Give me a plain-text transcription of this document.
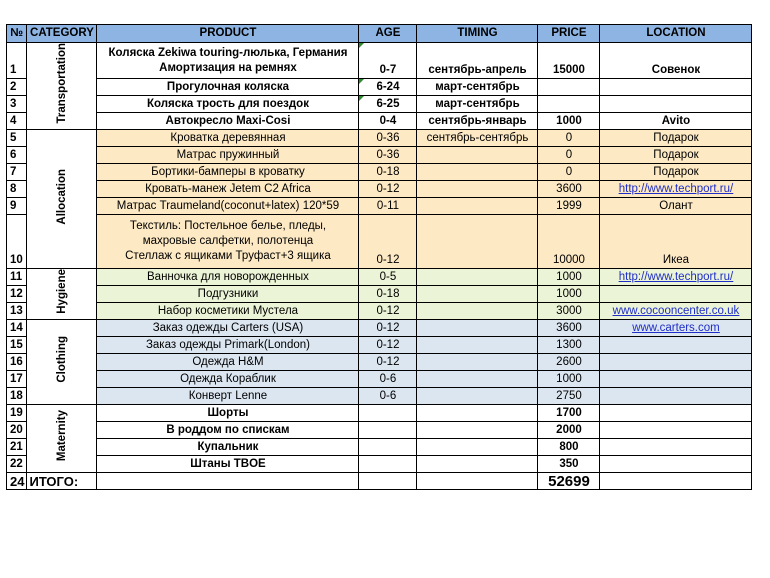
№	CATEGORY	PRODUCT	AGE	TIMING	PRICE	LOCATION
1	Transportation	Коляска Zekiwa touring-люлька, Германия
Амортизация на ремнях	0-7	сентябрь-апрель	15000	Совенок
2		Прогулочная коляска	6-24	март-сентябрь		
3		Коляска трость для поездок	6-25	март-сентябрь		
4		Автокресло Maxi-Cosi	0-4	сентябрь-январь	1000	Avito
5	Allocation	Кроватка деревянная	0-36	сентябрь-сентябрь	0	Подарок
6		Матрас пружинный	0-36		0	Подарок
7		Бортики-бамперы в кроватку	0-18		0	Подарок
8		Кровать-манеж Jetem C2 Africa	0-12		3600	http://www.techport.ru/
9		Матрас Traumeland(coconut+latex) 120*59	0-11		1999	Олант
10		Текстиль: Постельное белье, пледы,
махровые салфетки, полотенца
Стеллаж с ящиками Труфаст+3 ящика	0-12		10000	Икеа
11	Hygiene	Ванночка для новорожденных	0-5		1000	http://www.techport.ru/
12		Подгузники	0-18		1000	
13		Набор косметики Мустела	0-12		3000	www.cocooncenter.co.uk
14	Clothing	Заказ одежды Carters (USA)	0-12		3600	www.carters.com
15		Заказ одежды Primark(London)	0-12		1300	
16		Одежда H&M	0-12		2600	
17		Одежда Кораблик	0-6		1000	
18		Конверт Lenne	0-6		2750	
19	Maternity	Шорты			1700	
20		В роддом по спискам			2000	
21		Купальник			800	
22		Штаны TBOE			350	
24	ИТОГО:				52699	
